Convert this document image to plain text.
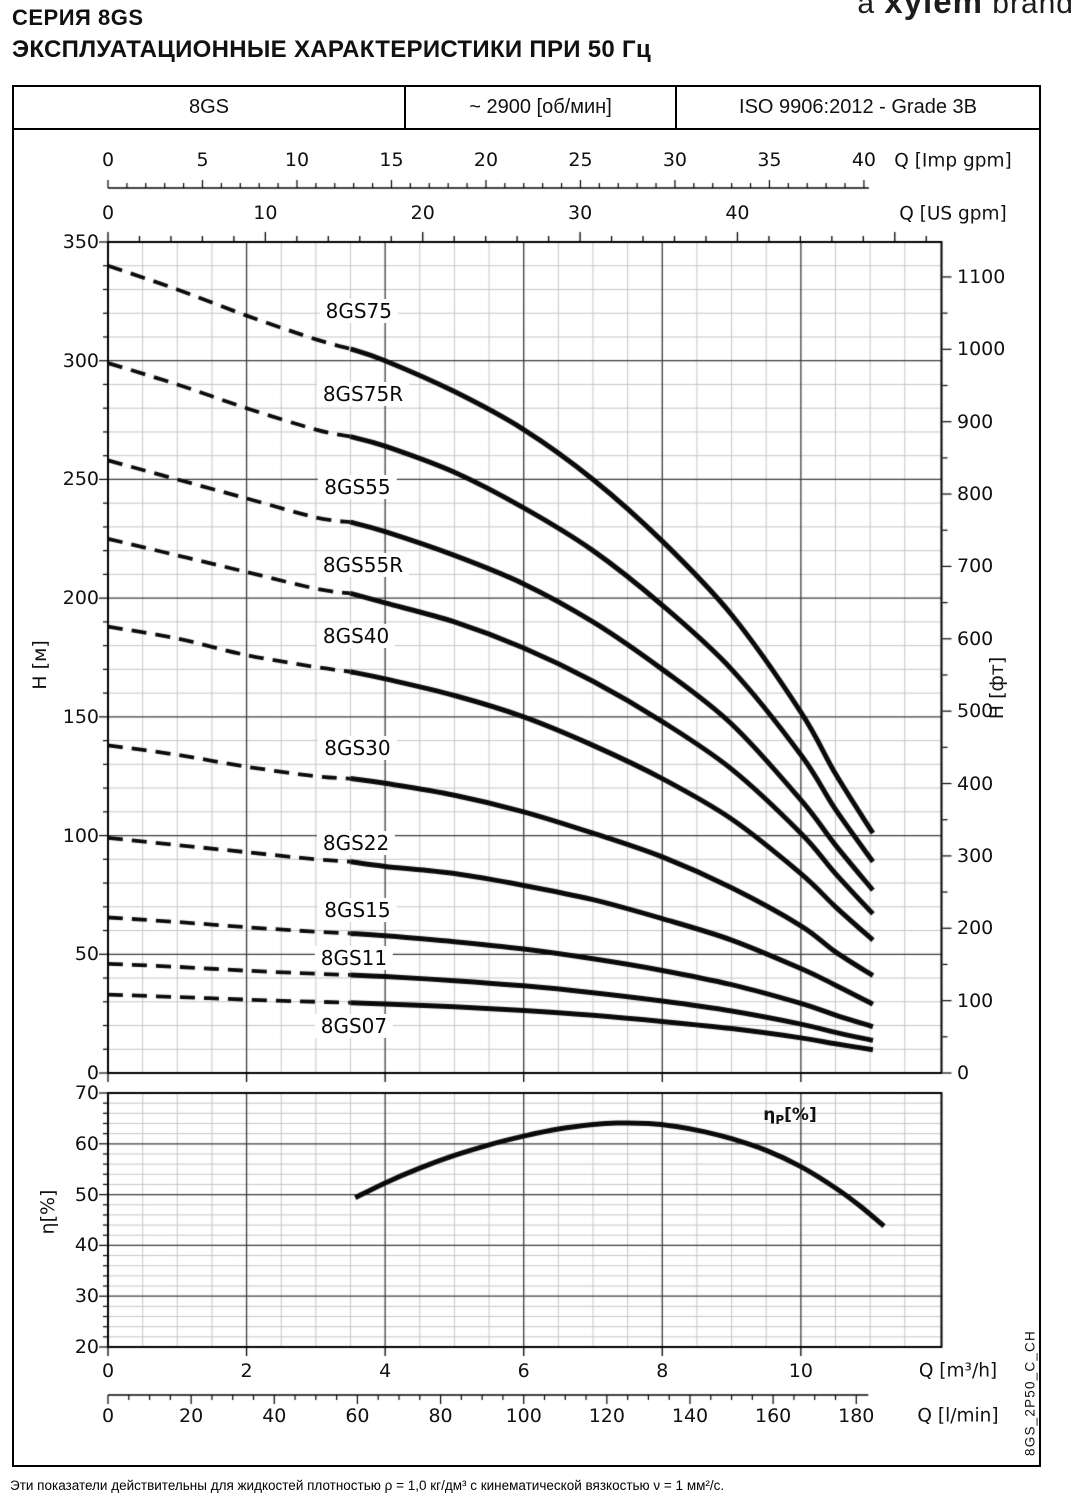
Q [Imp gpm]
Q [US gpm]
H [м]	H [фт]
η[%]
Q [m³/h]
Q [l/min]
$\eta_P[\%]$
8GS_2P50_C_CH
Эти показатели действительны для жидкостей плотностью ρ = 1,0 кг/дм³ с кинематической вязкостью ν = 1 мм²/с.
0	5	10	15	20	25	30	35	40
0	10	20	30	40
0
50
100
150
200
250
300
350
0
100
200
300
400
500
600
700
800
900
1000
1100
20
30
40
50
60
70
0	2	4	6	8	10
0	20	40	60	80	100 120 140 160 180
8GS75
8GS75R
8GS55
8GS55R
8GS40
8GS30
8GS22
8GS15
8GS11
8GS07
